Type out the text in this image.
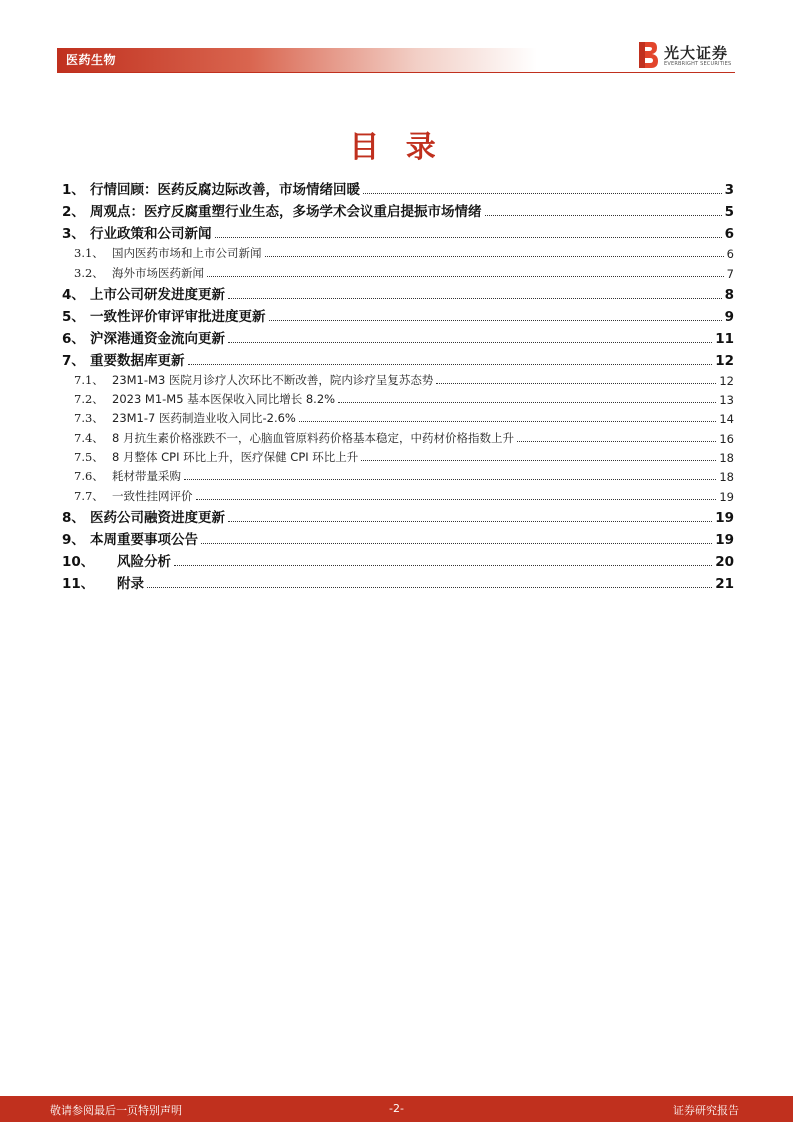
医药生物	光大证券
EVERBRIGHT SECURITIES
目 录
1、 行情回顾：医药反腐边际改善，市场情绪回暖	3
2、 周观点：医疗反腐重塑行业生态，多场学术会议重启提振市场情绪	5
3、 行业政策和公司新闻	6
3.1、 国内医药市场和上市公司新闻	6
3.2、 海外市场医药新闻	7
4、 上市公司研发进度更新	8
5、 一致性评价审评审批进度更新	9
6、 沪深港通资金流向更新	11
7、 重要数据库更新	12
7.1、 23M1-M3 医院月诊疗人次环比不断改善，院内诊疗呈复苏态势	12
7.2、 2023 M1-M5 基本医保收入同比增长 8.2%	13
7.3、 23M1-7 医药制造业收入同比-2.6%	14
7.4、 8 月抗生素价格涨跌不一，心脑血管原料药价格基本稳定，中药材价格指数上升	16
7.5、 8 月整体 CPI 环比上升，医疗保健 CPI 环比上升	18
7.6、 耗材带量采购	18
7.7、 一致性挂网评价	19
8、 医药公司融资进度更新	19
9、 本周重要事项公告	19
10、	风险分析	20
11、	附录	21
敬请参阅最后一页特别声明	-2-	证券研究报告
